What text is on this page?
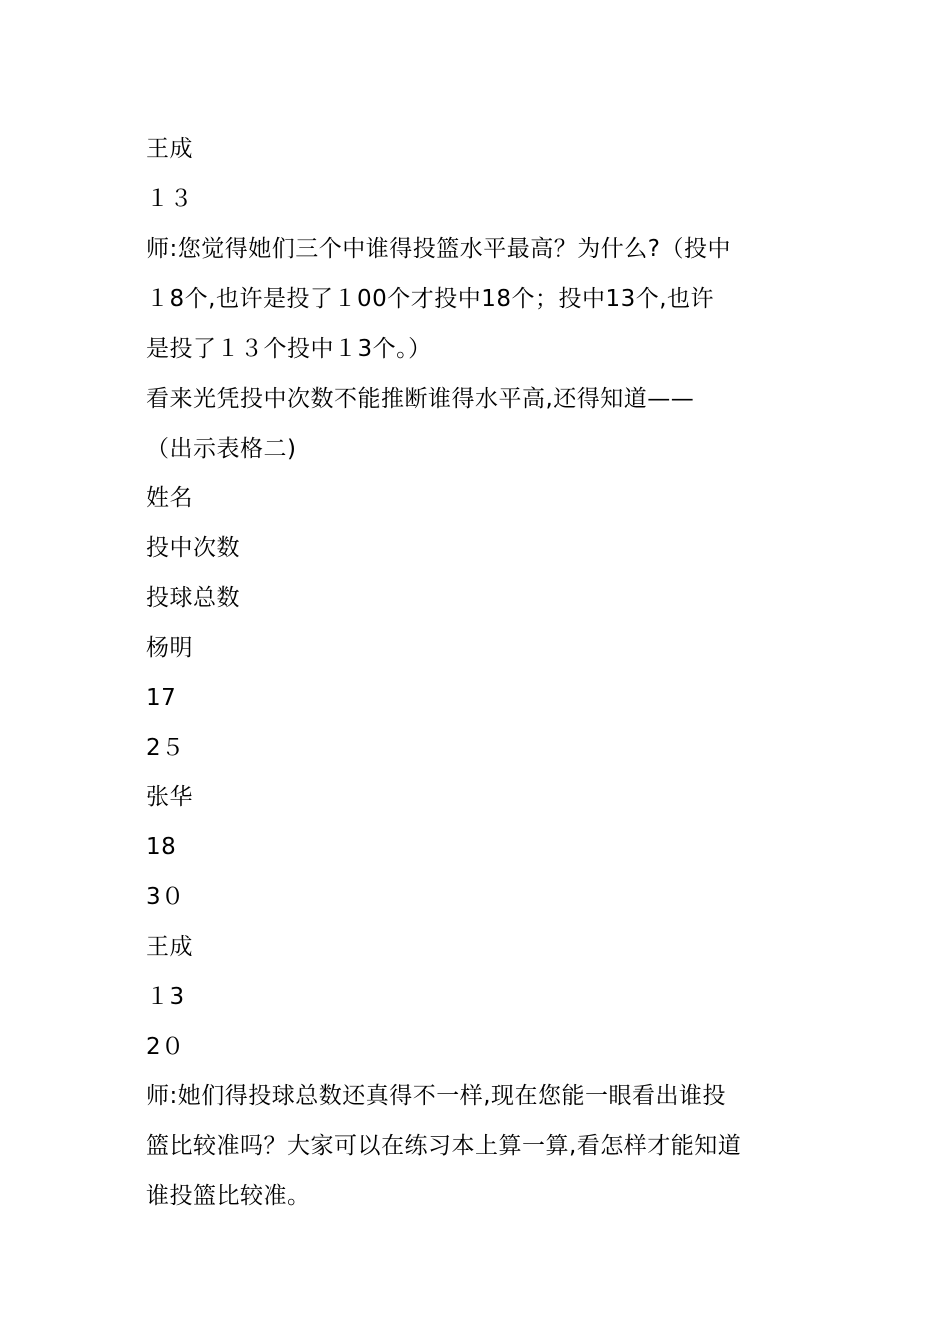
王成
１３
师:您觉得她们三个中谁得投篮水平最高？为什么?（投中
１8个,也许是投了１00个才投中18个；投中13个,也许
是投了１３个投中１3个。）
看来光凭投中次数不能推断谁得水平高,还得知道——
（出示表格二)
姓名
投中次数
投球总数
杨明
17
2５
张华
18
3０
王成
１3
2０
师:她们得投球总数还真得不一样,现在您能一眼看出谁投
篮比较准吗？大家可以在练习本上算一算,看怎样才能知道
谁投篮比较准。
